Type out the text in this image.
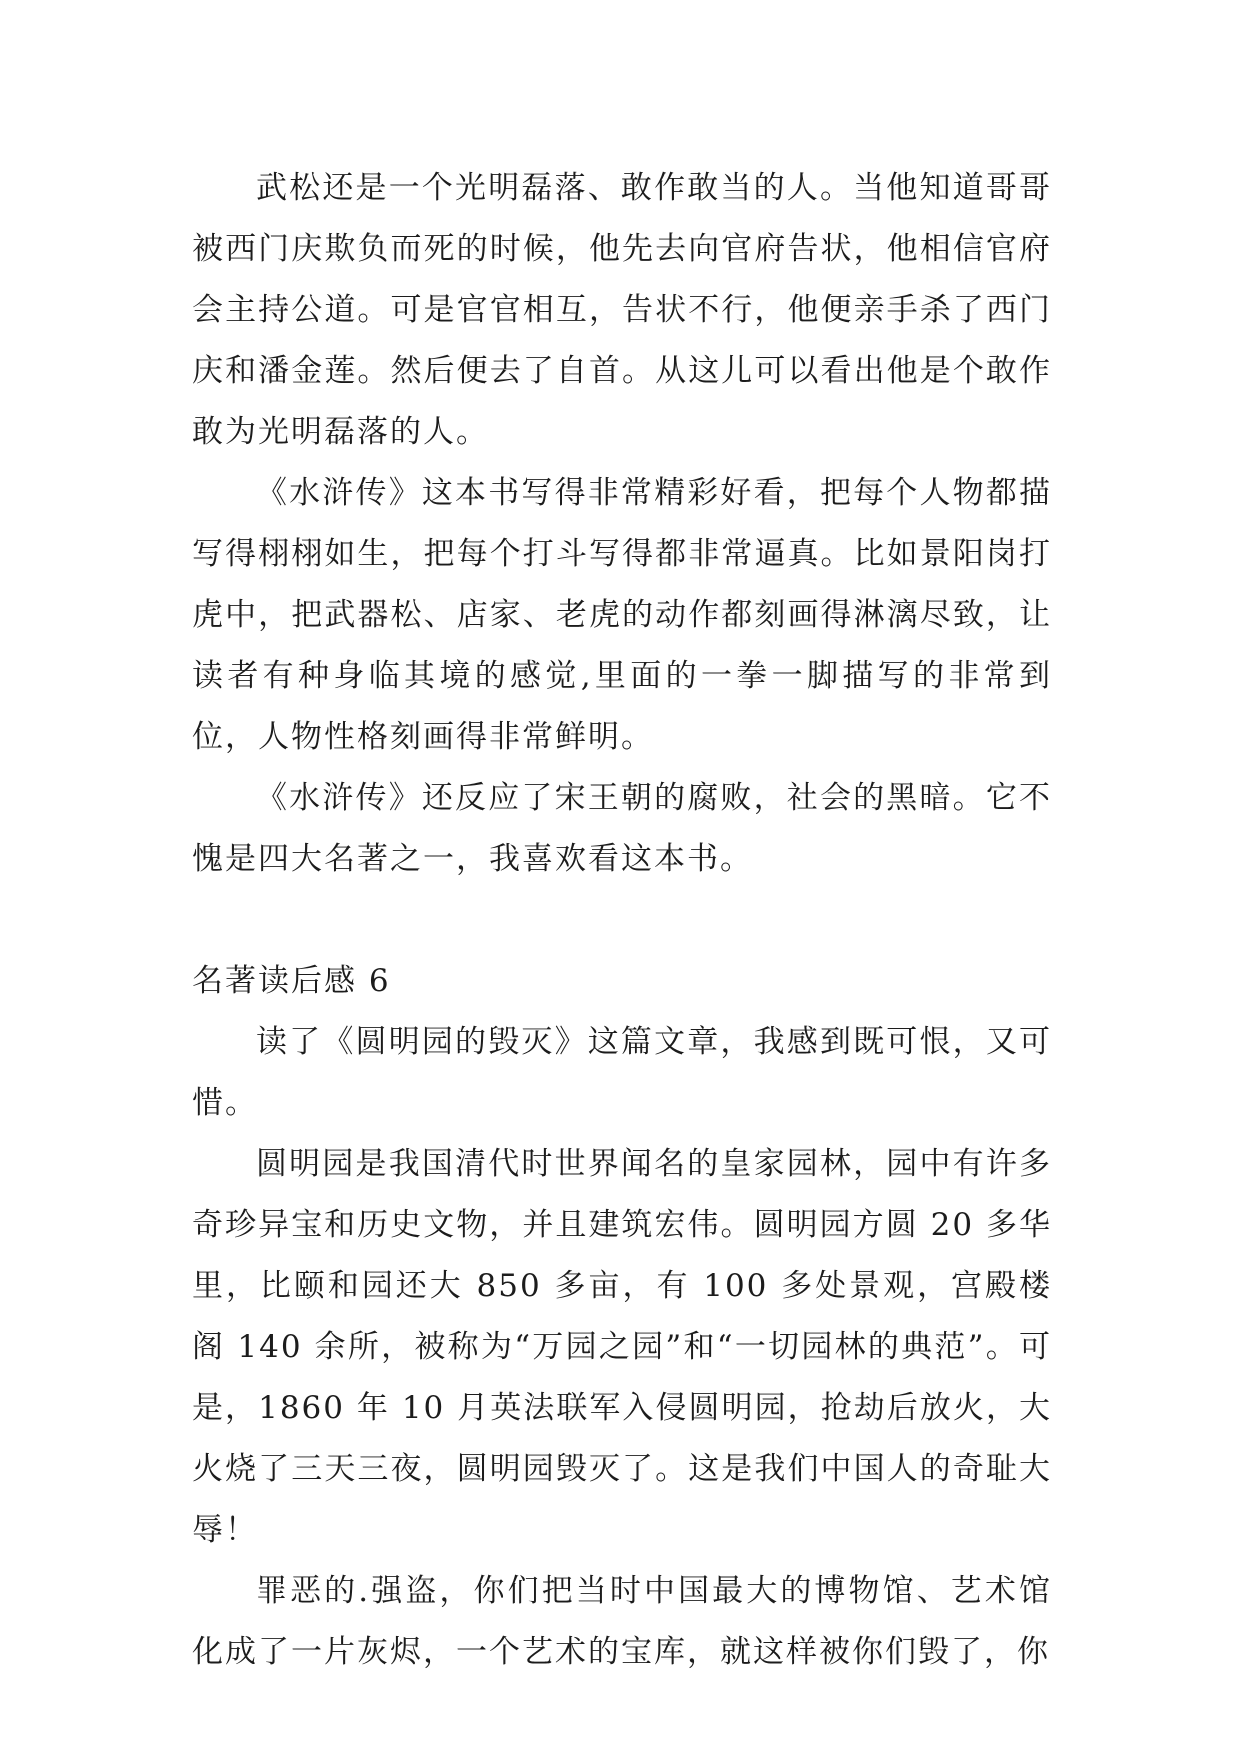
武松还是一个光明磊落、敢作敢当的人。当他知道哥哥被西门庆欺负而死的时候，他先去向官府告状，他相信官府会主持公道。可是官官相互，告状不行，他便亲手杀了西门庆和潘金莲。然后便去了自首。从这儿可以看出他是个敢作敢为光明磊落的人。

《水浒传》这本书写得非常精彩好看，把每个人物都描写得栩栩如生，把每个打斗写得都非常逼真。比如景阳岗打虎中，把武器松、店家、老虎的动作都刻画得淋漓尽致，让读者有种身临其境的感觉,里面的一拳一脚描写的非常到位，人物性格刻画得非常鲜明。

《水浒传》还反应了宋王朝的腐败，社会的黑暗。它不愧是四大名著之一，我喜欢看这本书。

名著读后感 6

读了《圆明园的毁灭》这篇文章，我感到既可恨，又可惜。

圆明园是我国清代时世界闻名的皇家园林，园中有许多奇珍异宝和历史文物，并且建筑宏伟。圆明园方圆 20 多华里，比颐和园还大 850 多亩，有 100 多处景观，宫殿楼阁 140 余所，被称为“万园之园”和“一切园林的典范”。可是，1860 年 10 月英法联军入侵圆明园，抢劫后放火，大火烧了三天三夜，圆明园毁灭了。这是我们中国人的奇耻大辱！

罪恶的.强盗，你们把当时中国最大的博物馆、艺术馆化成了一片灰烬，一个艺术的宝库，就这样被你们毁了，你
